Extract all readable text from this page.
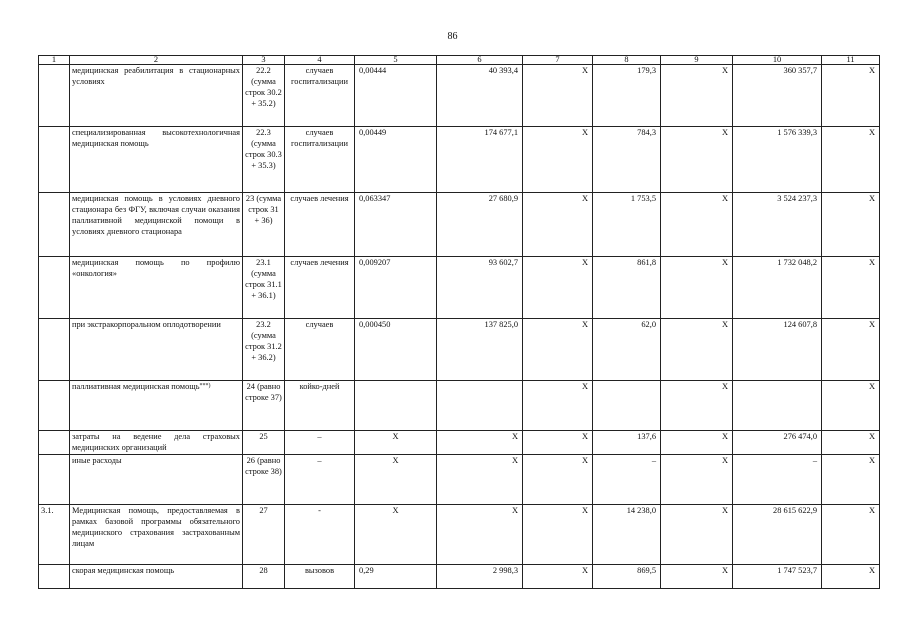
86
1	2	3	4	5	6	7	8	9	10	11
	медицинская реабилитация в стационарных условиях	22.2 (сумма строк 30.2 + 35.2)	случаев госпитализации	0,00444	40 393,4	X	179,3	X	360 357,7	X
	специализированная высокотехнологичная медицинская помощь	22.3 (сумма строк 30.3 + 35.3)	случаев госпитализации	0,00449	174 677,1	X	784,3	X	1 576 339,3	X
	медицинская помощь в условиях дневного стационара без ФГУ, включая случаи оказания паллиативной медицинской помощи в условиях дневного стационара	23 (сумма строк 31 + 36)	случаев лечения	0,063347	27 680,9	X	1 753,5	X	3 524 237,3	X
	медицинская помощь по профилю «онкология»	23.1 (сумма строк 31.1 + 36.1)	случаев лечения	0,009207	93 602,7	X	861,8	X	1 732 048,2	X
	при экстракорпоральном оплодотворении	23.2 (сумма строк 31.2 + 36.2)	случаев	0,000450	137 825,0	X	62,0	X	124 607,8	X
	паллиативная медицинская помощь***)	24 (равно строке 37)	койко-дней			X		X		X
	затраты на ведение дела страховых медицинских организаций	25	–	X	X	X	137,6	X	276 474,0	X
	иные расходы	26 (равно строке 38)	–	X	X	X	–	X	–	X
3.1.	Медицинская помощь, предоставляемая в рамках базовой программы обязательного медицинского страхования застрахованным лицам	27	-	X	X	X	14 238,0	X	28 615 622,9	X
	скорая медицинская помощь	28	вызовов	0,29	2 998,3	X	869,5	X	1 747 523,7	X
